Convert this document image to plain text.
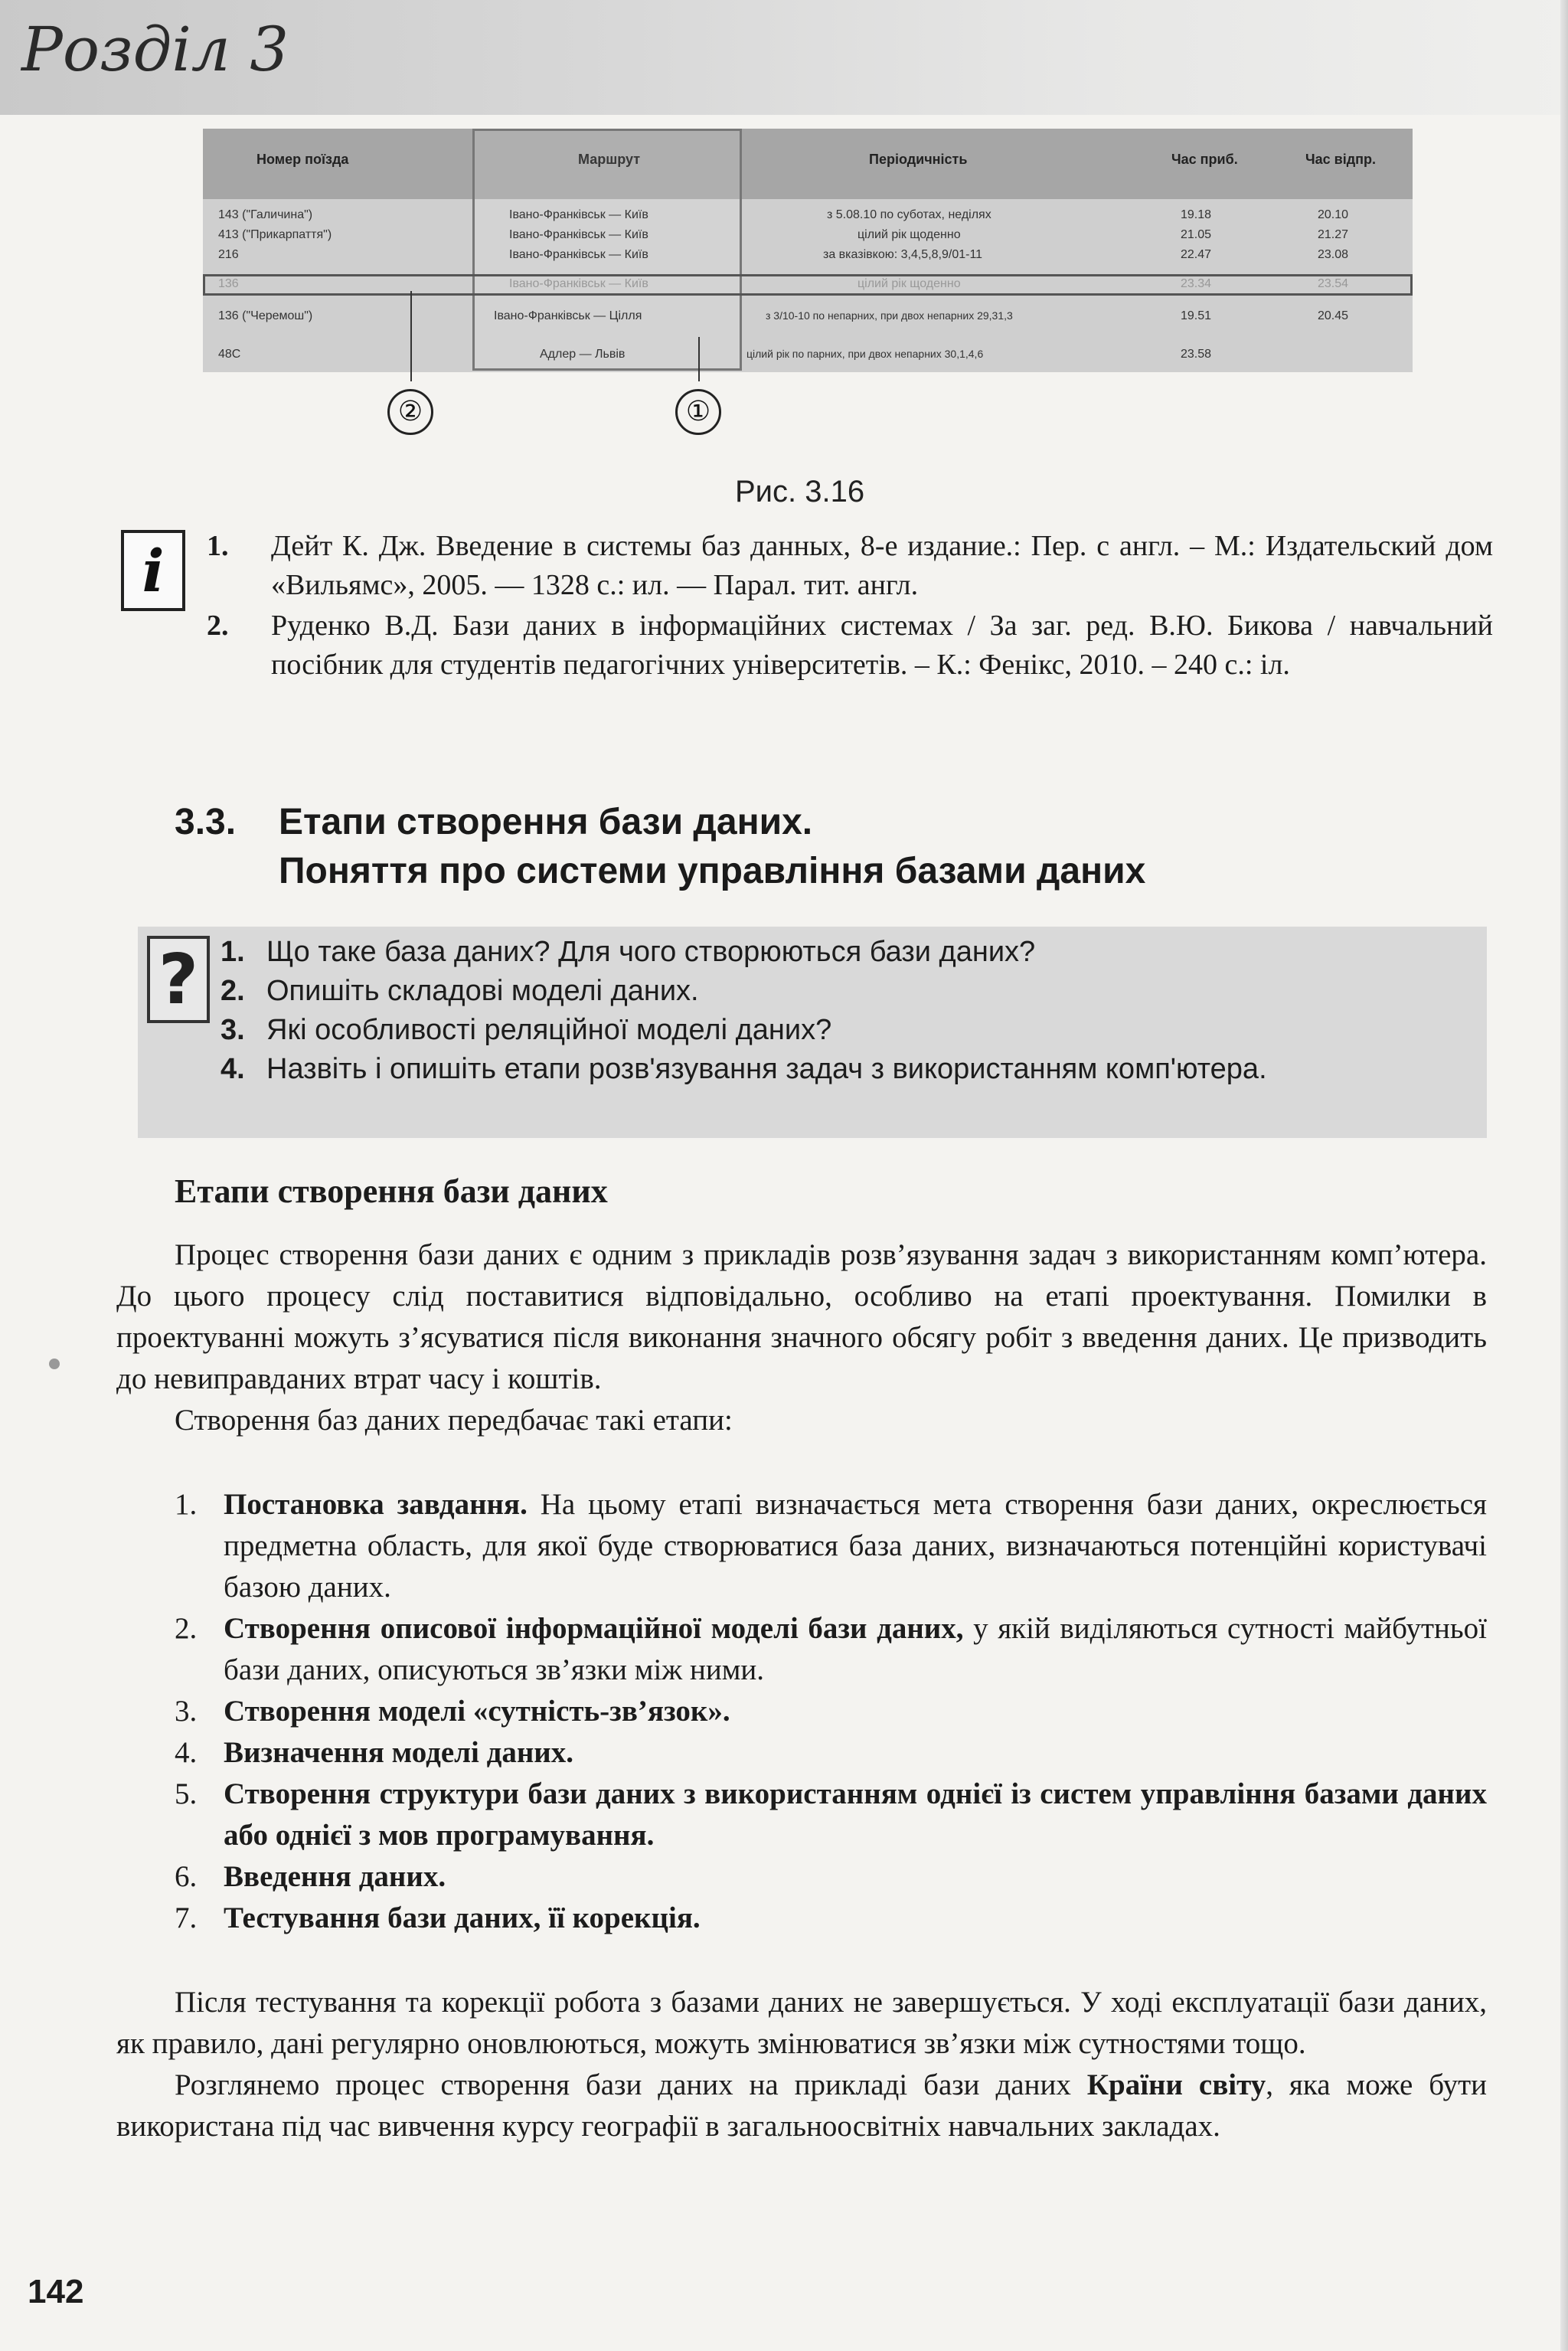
Розділ 3
Номер поїзда	Маршрут	Періодичність	Час приб.	Час відпр.
143 ("Галичина")	Івано-Франківськ — Київ	з 5.08.10 по суботах, неділях	19.18	20.10
413 ("Прикарпаття")	Івано-Франківськ — Київ	цілий рік щоденно	21.05	21.27
216	Івано-Франківськ — Київ	за вказівкою: 3,4,5,8,9/01-11	22.47	23.08
136	Івано-Франківськ — Київ	цілий рік щоденно	23.34	23.54
136 ("Черемош")	Івано-Франківськ — Цілля	з 3/10-10 по непарних, при двох непарних 29,31,3	19.51	20.45
48С	Адлер — Львів	цілий рік по парних, при двох непарних 30,1,4,6	23.58
②	①
Рис. 3.16
i	1. Дейт К. Дж. Введение в системы баз данных, 8-е издание.: Пер. с англ. – М.: Издательский дом «Вильямс», 2005. — 1328 с.: ил. — Парал. тит. англ.
2. Руденко В.Д. Бази даних в інформаційних системах / За заг. ред. В.Ю. Бикова / навчальний посібник для студентів педагогічних університетів. – К.: Фенікс, 2010. – 240 с.: іл.
3.3. Етапи створення бази даних.
Поняття про системи управління базами даних
? 1. Що таке база даних? Для чого створюються бази даних?
2. Опишіть складові моделі даних.
3. Які особливості реляційної моделі даних?
4. Назвіть і опишіть етапи розв'язування задач з використанням комп'ютера.
Етапи створення бази даних

Процес створення бази даних є одним з прикладів розв’язування задач з використанням комп’ютера. До цього процесу слід поставитися відповідально, особливо на етапі проектування. Помилки в проектуванні можуть з’ясуватися після виконання значного обсягу робіт з введення даних. Це призводить до невиправданих втрат часу і коштів.

Створення баз даних передбачає такі етапи:

1. Постановка завдання. На цьому етапі визначається мета створення бази даних, окреслюється предметна область, для якої буде створюватися база даних, визначаються потенційні користувачі базою даних.
2. Створення описової інформаційної моделі бази даних, у якій виділяються сутності майбутньої бази даних, описуються зв’язки між ними.
3. Створення моделі «сутність-зв’язок».
4. Визначення моделі даних.
5. Створення структури бази даних з використанням однієї із систем управління базами даних або однієї з мов програмування.
6. Введення даних.
7. Тестування бази даних, її корекція.

Після тестування та корекції робота з базами даних не завершується. У ході експлуатації бази даних, як правило, дані регулярно оновлюються, можуть змінюватися зв’язки між сутностями тощо.

Розглянемо процес створення бази даних на прикладі бази даних Країни світу, яка може бути використана під час вивчення курсу географії в загальноосвітніх навчальних закладах.

142
